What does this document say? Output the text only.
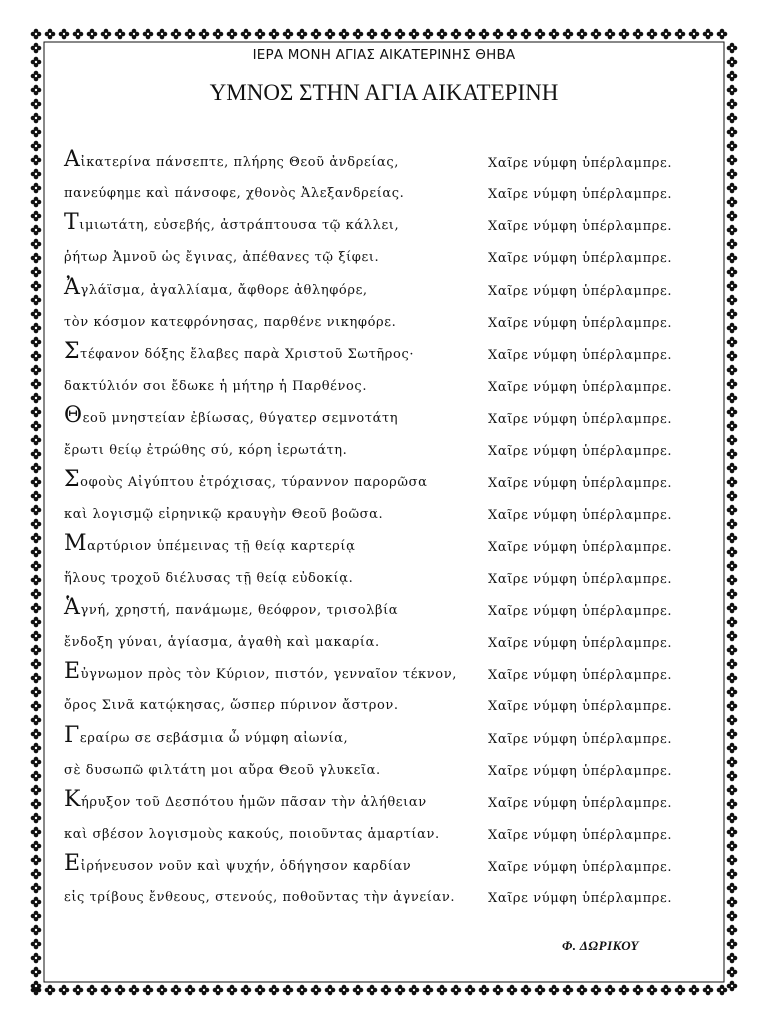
ΙΕΡΑ ΜΟΝΗ ΑΓΙΑΣ ΑΙΚΑΤΕΡΙΝΗΣ ΘΗΒΑ
ΥΜΝΟΣ ΣΤΗΝ ΑΓΙΑ ΑΙΚΑΤΕΡΙΝΗ
Αἰκατερίνα πάνσεπτε, πλήρης Θεοῦ ἀνδρείας,	Χαῖρε νύμφη ὑπέρλαμπρε.
πανεύφημε καὶ πάνσοφε, χθονὸς Ἀλεξανδρείας.	Χαῖρε νύμφη ὑπέρλαμπρε.
Τιμιωτάτη, εὐσεβής, ἀστράπτουσα τῷ κάλλει,	Χαῖρε νύμφη ὑπέρλαμπρε.
ῥήτωρ Ἀμνοῦ ὡς ἔγινας, ἀπέθανες τῷ ξίφει.	Χαῖρε νύμφη ὑπέρλαμπρε.
Ἀγλάϊσμα, ἀγαλλίαμα, ἄφθορε ἀθληφόρε,	Χαῖρε νύμφη ὑπέρλαμπρε.
τὸν κόσμον κατεφρόνησας, παρθένε νικηφόρε.	Χαῖρε νύμφη ὑπέρλαμπρε.
Στέφανον δόξης ἔλαβες παρὰ Χριστοῦ Σωτῆρος·	Χαῖρε νύμφη ὑπέρλαμπρε.
δακτύλιόν σοι ἔδωκε ἡ μήτηρ ἡ Παρθένος.	Χαῖρε νύμφη ὑπέρλαμπρε.
Θεοῦ μνηστείαν ἐβίωσας, θύγατερ σεμνοτάτη	Χαῖρε νύμφη ὑπέρλαμπρε.
ἔρωτι θείῳ ἐτρώθης σύ, κόρη ἱερωτάτη.	Χαῖρε νύμφη ὑπέρλαμπρε.
Σοφοὺς Αἰγύπτου ἐτρόχισας, τύραννον παρορῶσα	Χαῖρε νύμφη ὑπέρλαμπρε.
καὶ λογισμῷ εἰρηνικῷ κραυγὴν Θεοῦ βοῶσα.	Χαῖρε νύμφη ὑπέρλαμπρε.
Μαρτύριον ὑπέμεινας τῇ θείᾳ καρτερίᾳ	Χαῖρε νύμφη ὑπέρλαμπρε.
ἥλους τροχοῦ διέλυσας τῇ θείᾳ εὐδοκίᾳ.	Χαῖρε νύμφη ὑπέρλαμπρε.
Ἁγνή, χρηστή, πανάμωμε, θεόφρον, τρισολβία	Χαῖρε νύμφη ὑπέρλαμπρε.
ἔνδοξη γύναι, ἁγίασμα, ἀγαθὴ καὶ μακαρία.	Χαῖρε νύμφη ὑπέρλαμπρε.
Εὐγνωμον πρὸς τὸν Κύριον, πιστόν, γενναῖον τέκνον, Χαῖρε νύμφη ὑπέρλαμπρε.
ὄρος Σινᾶ κατῴκησας, ὥσπερ πύρινον ἄστρον.	Χαῖρε νύμφη ὑπέρλαμπρε.
Γεραίρω σε σεβάσμια ὦ νύμφη αἰωνία,	Χαῖρε νύμφη ὑπέρλαμπρε.
σὲ δυσωπῶ φιλτάτη μοι αὔρα Θεοῦ γλυκεῖα.	Χαῖρε νύμφη ὑπέρλαμπρε.
Κήρυξον τοῦ Δεσπότου ἡμῶν πᾶσαν τὴν ἀλήθειαν	Χαῖρε νύμφη ὑπέρλαμπρε.
καὶ σβέσον λογισμοὺς κακούς, ποιοῦντας ἁμαρτίαν.	Χαῖρε νύμφη ὑπέρλαμπρε.
Εἰρήνευσον νοῦν καὶ ψυχήν, ὁδήγησον καρδίαν	Χαῖρε νύμφη ὑπέρλαμπρε.
εἰς τρίβους ἔνθεους, στενούς, ποθοῦντας τὴν ἁγνείαν.	Χαῖρε νύμφη ὑπέρλαμπρε.
Φ. ΔΩΡΙΚΟΥ
